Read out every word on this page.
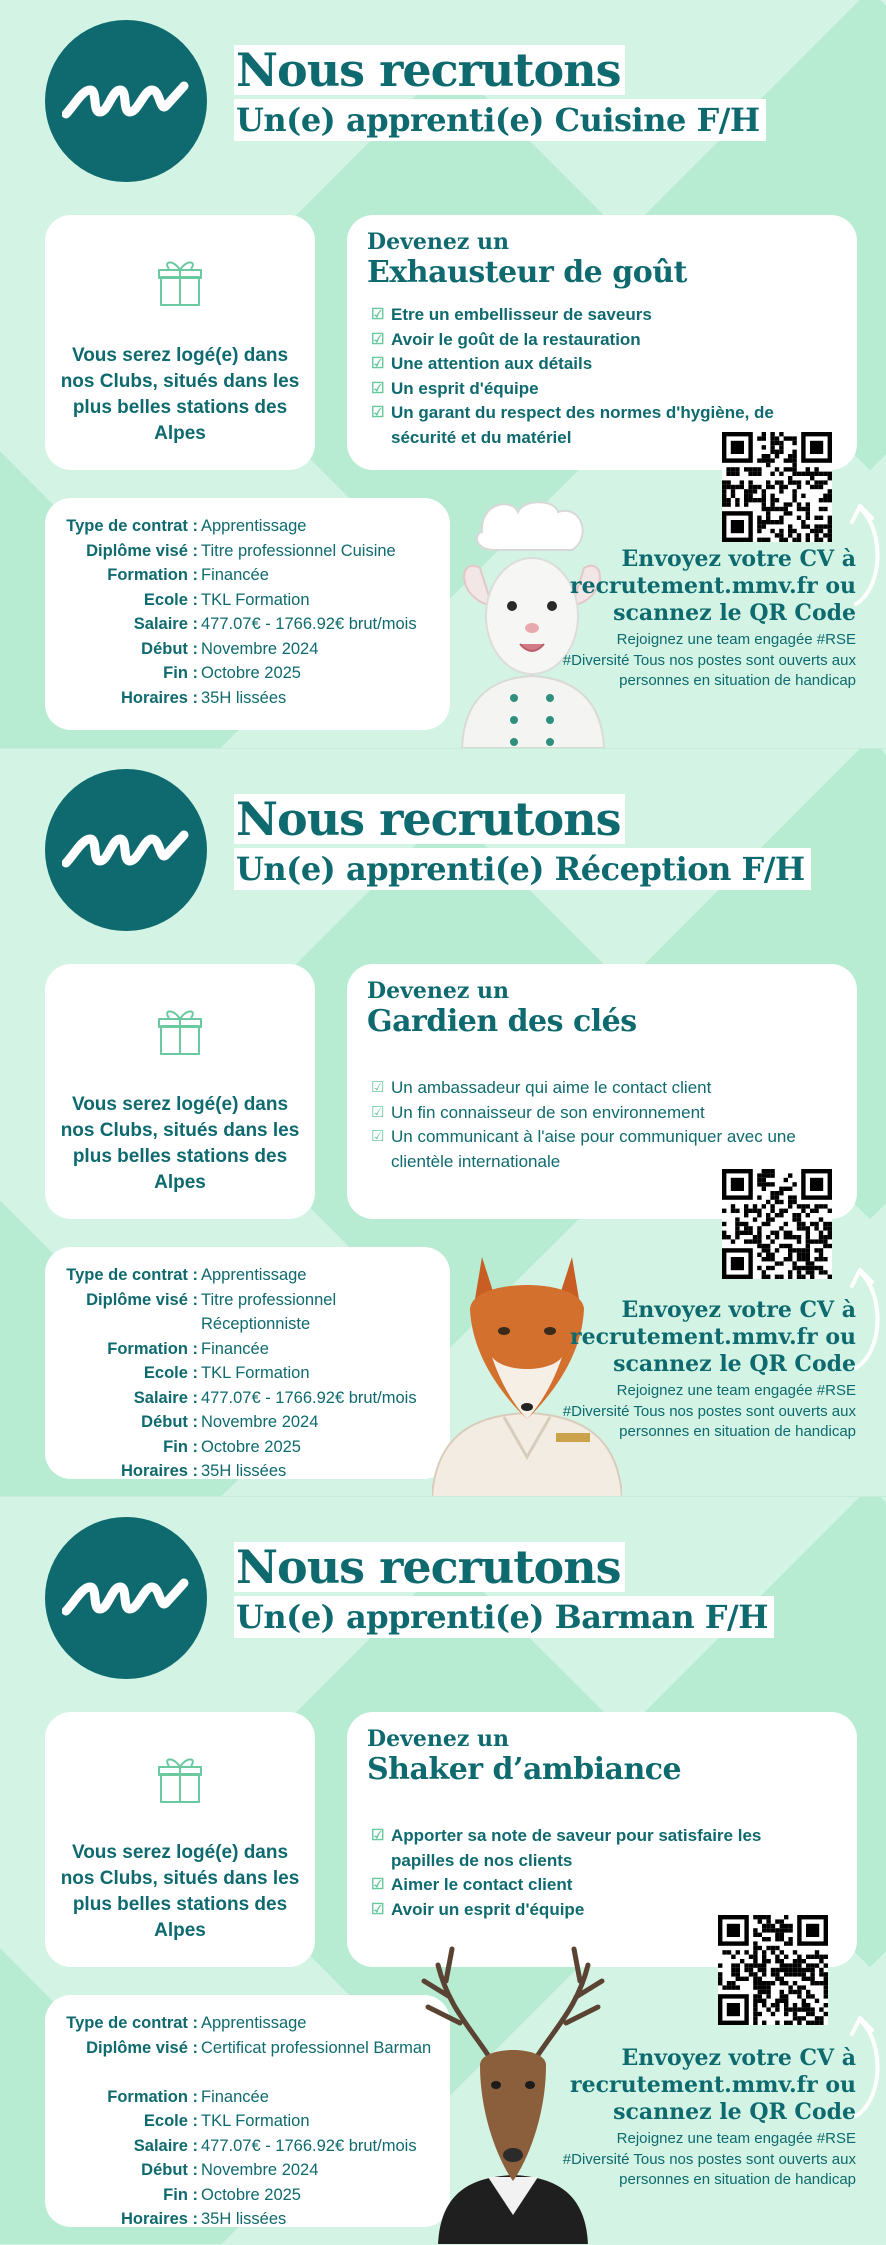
Nous recrutons
Un(e) apprenti(e) Cuisine F/H
Vous serez logé(e) dans nos Clubs, situés dans les plus belles stations des Alpes
Devenez un
Exhausteur de goût
☑ Etre un embellisseur de saveurs
☑ Avoir le goût de la restauration
☑ Une attention aux détails
☑ Un esprit d'équipe
☑ Un garant du respect des normes d'hygiène, de sécurité et du matériel
Type de contrat : Apprentissage
Diplôme visé : Titre professionnel Cuisine
Formation : Financée
Ecole : TKL Formation
Salaire : 477.07€ - 1766.92€ brut/mois
Début : Novembre 2024
Fin : Octobre 2025
Horaires : 35H lissées
Envoyez votre CV à recrutement.mmv.fr ou scannez le QR Code
Rejoignez une team engagée #RSE #Diversité Tous nos postes sont ouverts aux personnes en situation de handicap
Nous recrutons
Un(e) apprenti(e) Réception F/H
Vous serez logé(e) dans nos Clubs, situés dans les plus belles stations des Alpes
Devenez un
Gardien des clés
☑ Un ambassadeur qui aime le contact client
☑ Un fin connaisseur de son environnement
☑ Un communicant à l'aise pour communiquer avec une clientèle internationale
Type de contrat : Apprentissage
Diplôme visé : Titre professionnel Réceptionniste
Formation : Financée
Ecole : TKL Formation
Salaire : 477.07€ - 1766.92€ brut/mois
Début : Novembre 2024
Fin : Octobre 2025
Horaires : 35H lissées
Envoyez votre CV à recrutement.mmv.fr ou scannez le QR Code
Rejoignez une team engagée #RSE #Diversité Tous nos postes sont ouverts aux personnes en situation de handicap
Nous recrutons
Un(e) apprenti(e) Barman F/H
Vous serez logé(e) dans nos Clubs, situés dans les plus belles stations des Alpes
Devenez un
Shaker d’ambiance
☑ Apporter sa note de saveur pour satisfaire les papilles de nos clients
☑ Aimer le contact client
☑ Avoir un esprit d'équipe
Type de contrat : Apprentissage
Diplôme visé : Certificat professionnel Barman
Formation : Financée
Ecole : TKL Formation
Salaire : 477.07€ - 1766.92€ brut/mois
Début : Novembre 2024
Fin : Octobre 2025
Horaires : 35H lissées
Envoyez votre CV à recrutement.mmv.fr ou scannez le QR Code
Rejoignez une team engagée #RSE #Diversité Tous nos postes sont ouverts aux personnes en situation de handicap
